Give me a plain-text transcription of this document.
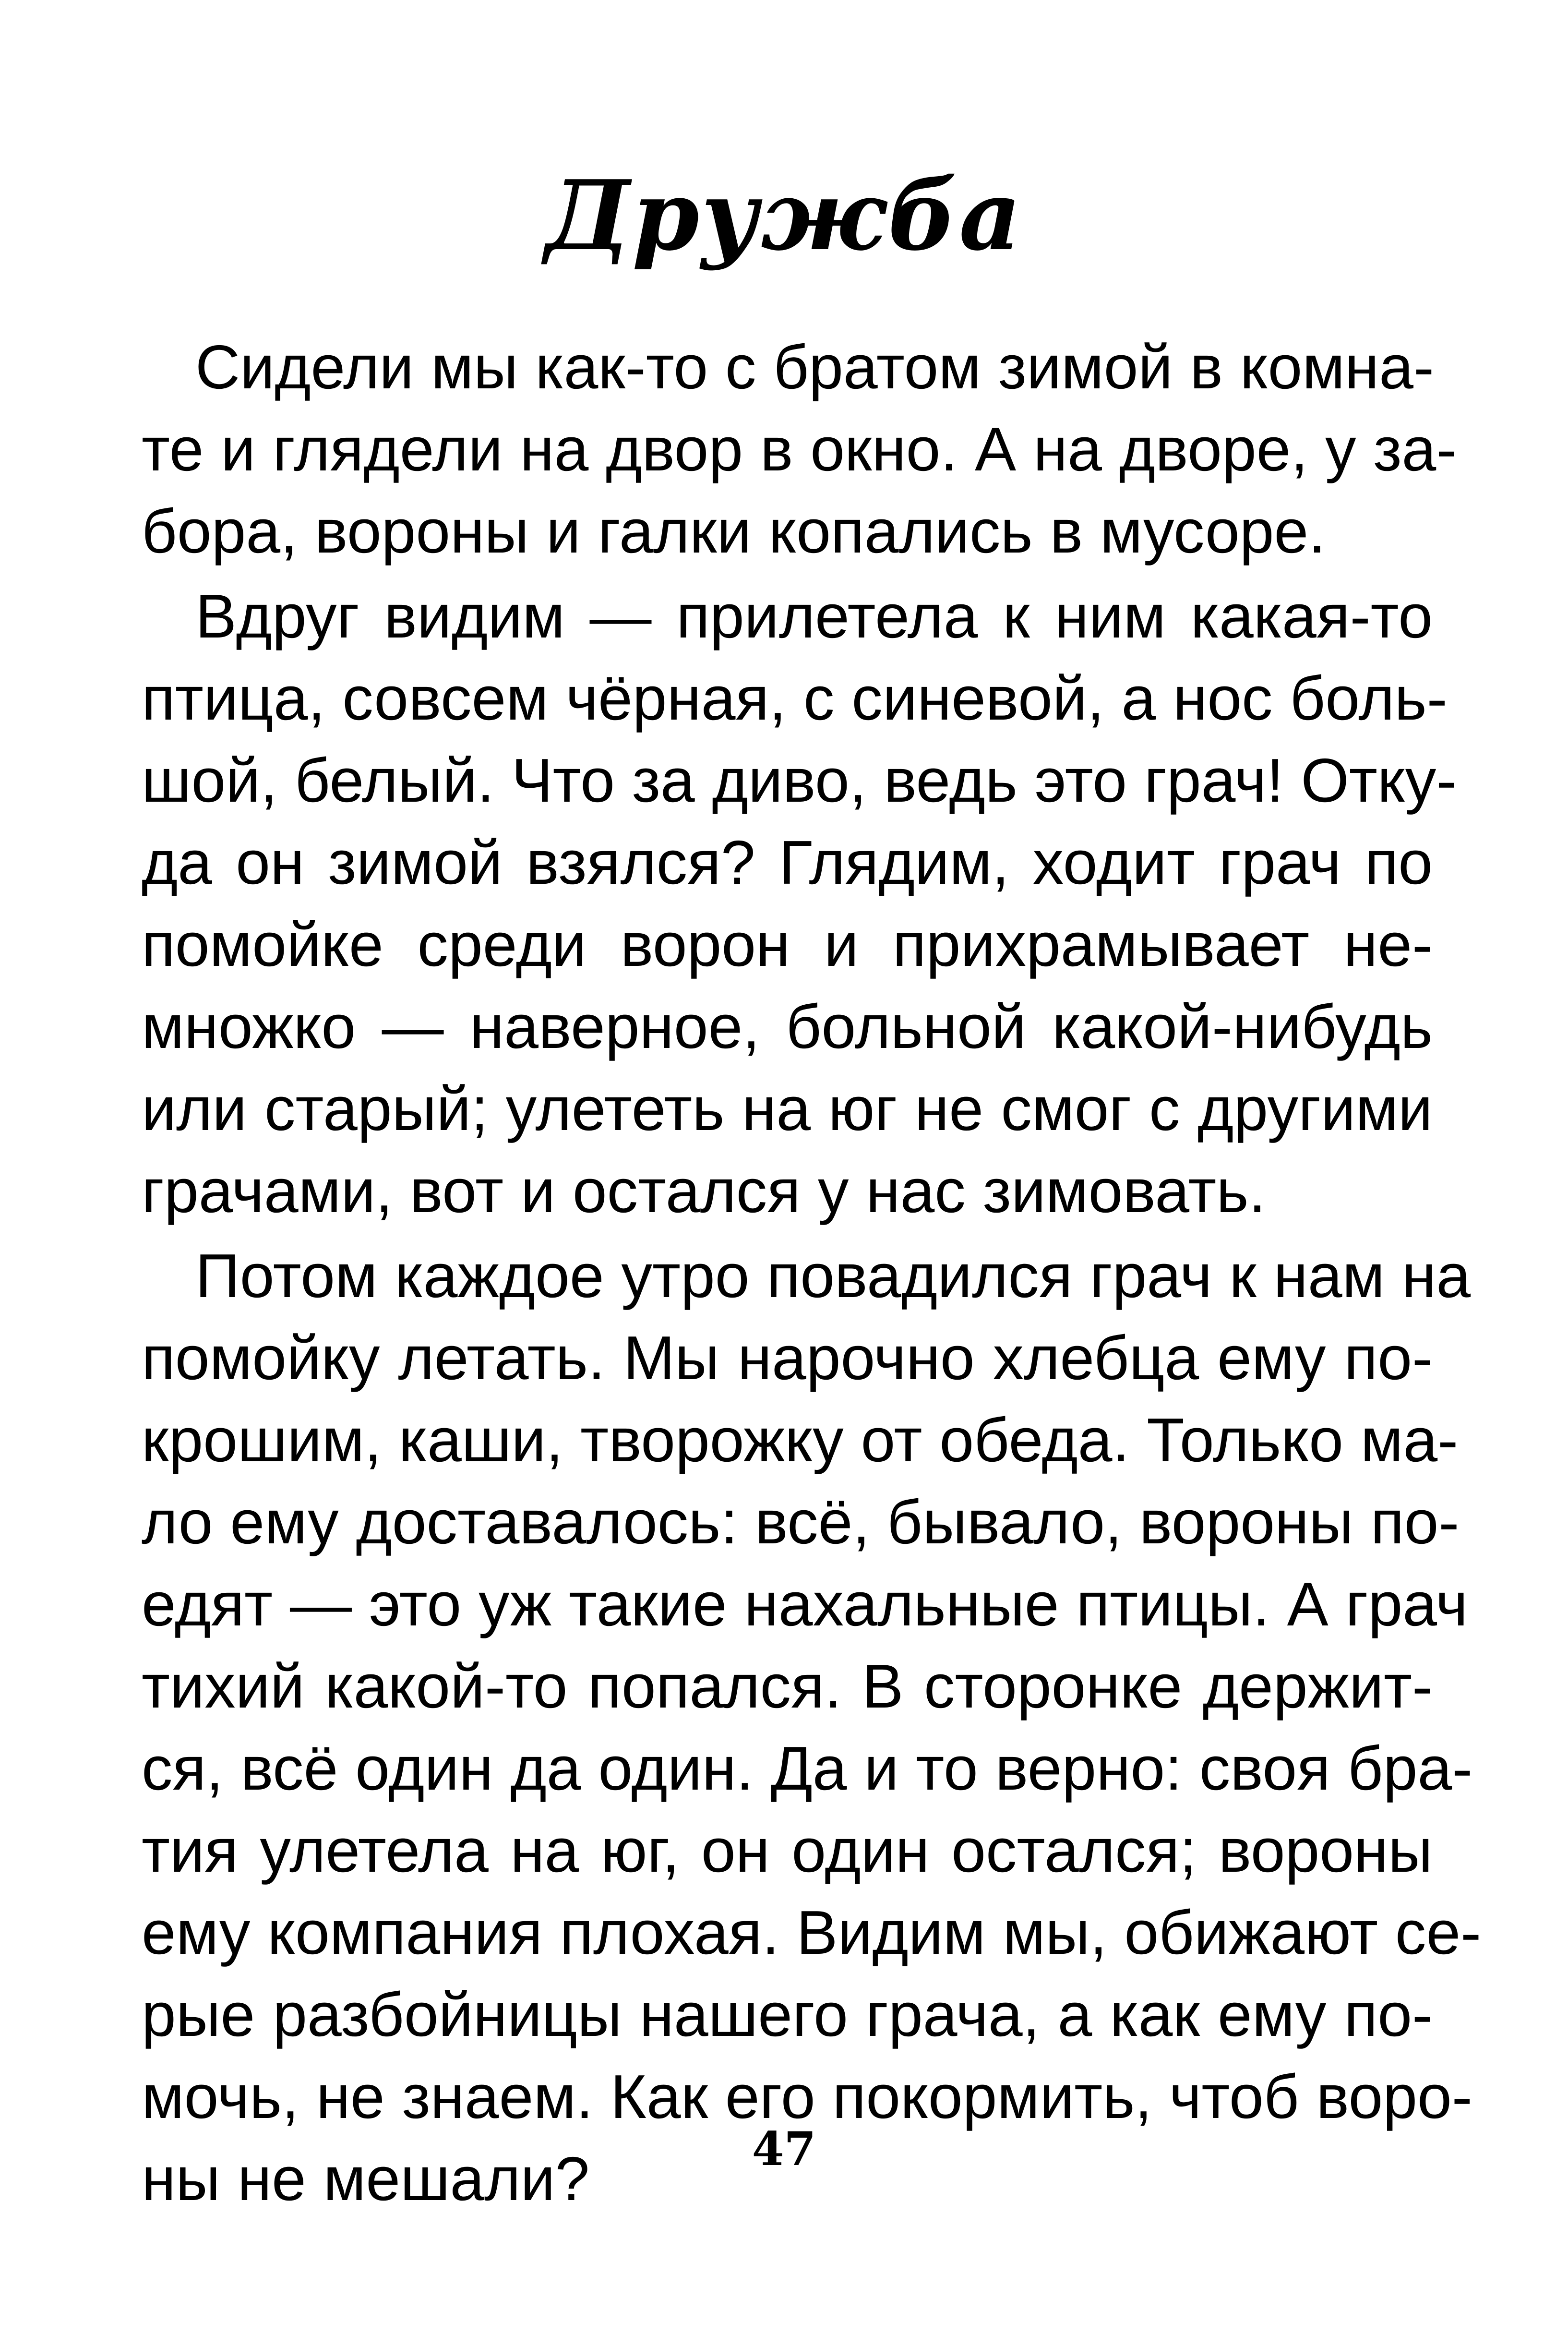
Дружба
Сидели мы как-то с братом зимой в комна-
те и глядели на двор в окно. А на дворе, у за-
бора, вороны и галки копались в мусоре.
Вдруг видим — прилетела к ним какая-то
птица, совсем чёрная, с синевой, а нос боль-
шой, белый. Что за диво, ведь это грач! Отку-
да он зимой взялся? Глядим, ходит грач по
помойке среди ворон и прихрамывает не-
множко — наверное, больной какой-нибудь
или старый; улететь на юг не смог с другими
грачами, вот и остался у нас зимовать.
Потом каждое утро повадился грач к нам на
помойку летать. Мы нарочно хлебца ему по-
крошим, каши, творожку от обеда. Только ма-
ло ему доставалось: всё, бывало, вороны по-
едят — это уж такие нахальные птицы. А грач
тихий какой-то попался. В сторонке держит-
ся, всё один да один. Да и то верно: своя бра-
тия улетела на юг, он один остался; вороны
ему компания плохая. Видим мы, обижают се-
рые разбойницы нашего грача, а как ему по-
мочь, не знаем. Как его покормить, чтоб воро-
ны не мешали?	47
